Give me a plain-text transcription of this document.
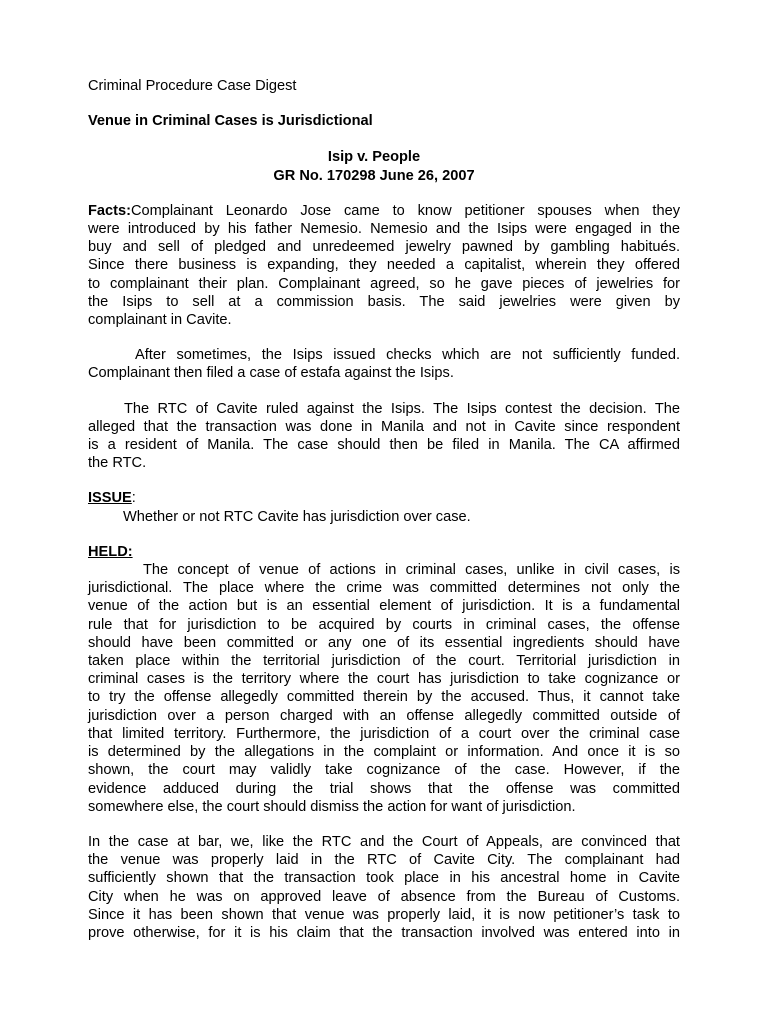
Criminal Procedure Case Digest

Venue in Criminal Cases is Jurisdictional

Isip v. People

GR No. 170298 June 26, 2007

Facts:Complainant Leonardo Jose came to know petitioner spouses when they
were introduced by his father Nemesio. Nemesio and the Isips were engaged in the
buy and sell of pledged and unredeemed jewelry pawned by gambling habitués.
Since there business is expanding, they needed a capitalist, wherein they offered
to complainant their plan. Complainant agreed, so he gave pieces of jewelries for
the Isips to sell at a commission basis. The said jewelries were given by
complainant in Cavite.
After sometimes, the Isips issued checks which are not sufficiently funded.
Complainant then filed a case of estafa against the Isips.
The RTC of Cavite ruled against the Isips. The Isips contest the decision. The
alleged that the transaction was done in Manila and not in Cavite since respondent
is a resident of Manila. The case should then be filed in Manila. The CA affirmed
the RTC.

ISSUE:

Whether or not RTC Cavite has jurisdiction over case.

HELD:

The concept of venue of actions in criminal cases, unlike in civil cases, is
jurisdictional. The place where the crime was committed determines not only the
venue of the action but is an essential element of jurisdiction. It is a fundamental
rule that for jurisdiction to be acquired by courts in criminal cases, the offense
should have been committed or any one of its essential ingredients should have
taken place within the territorial jurisdiction of the court. Territorial jurisdiction in
criminal cases is the territory where the court has jurisdiction to take cognizance or
to try the offense allegedly committed therein by the accused. Thus, it cannot take
jurisdiction over a person charged with an offense allegedly committed outside of
that limited territory. Furthermore, the jurisdiction of a court over the criminal case
is determined by the allegations in the complaint or information. And once it is so
shown, the court may validly take cognizance of the case. However, if the
evidence adduced during the trial shows that the offense was committed
somewhere else, the court should dismiss the action for want of jurisdiction.
In the case at bar, we, like the RTC and the Court of Appeals, are convinced that
the venue was properly laid in the RTC of Cavite City. The complainant had
sufficiently shown that the transaction took place in his ancestral home in Cavite
City when he was on approved leave of absence from the Bureau of Customs.
Since it has been shown that venue was properly laid, it is now petitioner’s task to
prove otherwise, for it is his claim that the transaction involved was entered into in
